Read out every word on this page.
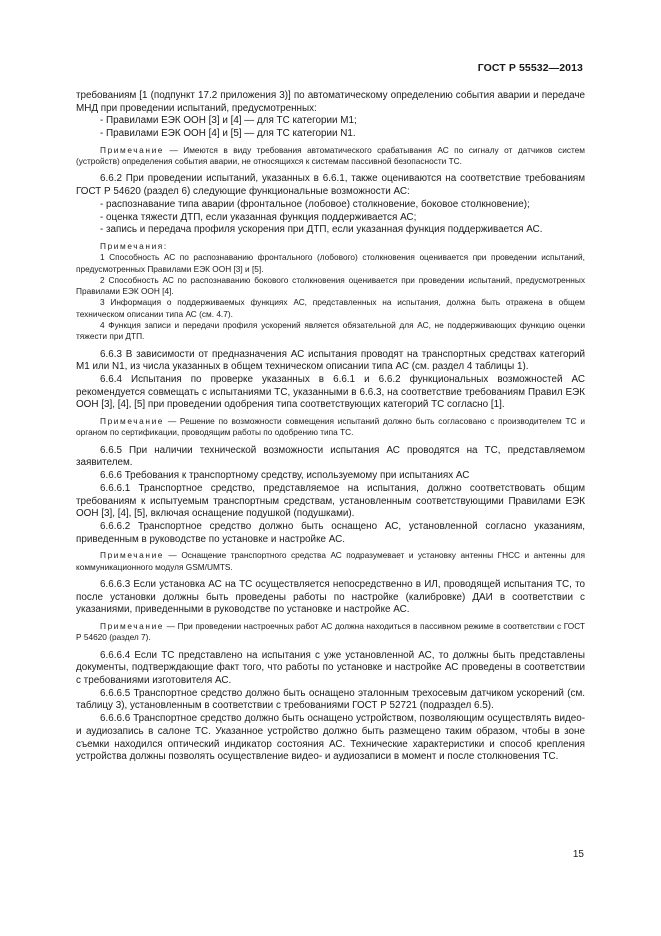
ГОСТ Р 55532—2013

требованиям [1 (подпункт 17.2 приложения 3)] по автоматическому определению события аварии и передаче МНД при проведении испытаний, предусмотренных:

- Правилами ЕЭК ООН [3] и [4] — для ТС категории М1;

- Правилами ЕЭК ООН [4] и [5] — для ТС категории N1.

Примечание — Имеются в виду требования автоматического срабатывания АС по сигналу от датчиков систем (устройств) определения события аварии, не относящихся к системам пассивной безопасности ТС.

6.6.2 При проведении испытаний, указанных в 6.6.1, также оцениваются на соответствие требованиям ГОСТ Р 54620 (раздел 6) следующие функциональные возможности АС:

- распознавание типа аварии (фронтальное (лобовое) столкновение, боковое столкновение);

- оценка тяжести ДТП, если указанная функция поддерживается АС;

- запись и передача профиля ускорения при ДТП, если указанная функция поддерживается АС.

Примечания:

1 Способность АС по распознаванию фронтального (лобового) столкновения оценивается при проведении испытаний, предусмотренных Правилами ЕЭК ООН [3] и [5].

2 Способность АС по распознаванию бокового столкновения оценивается при проведении испытаний, предусмотренных Правилами ЕЭК ООН [4].

3 Информация о поддерживаемых функциях АС, представленных на испытания, должна быть отражена в общем техническом описании типа АС (см. 4.7).

4 Функция записи и передачи профиля ускорений является обязательной для АС, не поддерживающих функцию оценки тяжести при ДТП.

6.6.3 В зависимости от предназначения АС испытания проводят на транспортных средствах категорий М1 или N1, из числа указанных в общем техническом описании типа АС (см. раздел 4 таблицы 1).

6.6.4 Испытания по проверке указанных в 6.6.1 и 6.6.2 функциональных возможностей АС рекомендуется совмещать с испытаниями ТС, указанными в 6.6.3, на соответствие требованиям Правил ЕЭК ООН [3], [4], [5] при проведении одобрения типа соответствующих категорий ТС согласно [1].

Примечание — Решение по возможности совмещения испытаний должно быть согласовано с производителем ТС и органом по сертификации, проводящим работы по одобрению типа ТС.

6.6.5 При наличии технической возможности испытания АС проводятся на ТС, представляемом заявителем.

6.6.6 Требования к транспортному средству, используемому при испытаниях АС

6.6.6.1 Транспортное средство, представляемое на испытания, должно соответствовать общим требованиям к испытуемым транспортным средствам, установленным соответствующими Правилами ЕЭК ООН [3], [4], [5], включая оснащение подушкой (подушками).

6.6.6.2 Транспортное средство должно быть оснащено АС, установленной согласно указаниям, приведенным в руководстве по установке и настройке АС.

Примечание — Оснащение транспортного средства АС подразумевает и установку антенны ГНСС и антенны для коммуникационного модуля GSM/UMTS.

6.6.6.3 Если установка АС на ТС осуществляется непосредственно в ИЛ, проводящей испытания ТС, то после установки должны быть проведены работы по настройке (калибровке) ДАИ в соответствии с указаниями, приведенными в руководстве по установке и настройке АС.

Примечание — При проведении настроечных работ АС должна находиться в пассивном режиме в соответствии с ГОСТ Р 54620 (раздел 7).

6.6.6.4 Если ТС представлено на испытания с уже установленной АС, то должны быть представлены документы, подтверждающие факт того, что работы по установке и настройке АС проведены в соответствии с требованиями изготовителя АС.

6.6.6.5 Транспортное средство должно быть оснащено эталонным трехосевым датчиком ускорений (см. таблицу 3), установленным в соответствии с требованиями ГОСТ Р 52721 (подраздел 6.5).

6.6.6.6 Транспортное средство должно быть оснащено устройством, позволяющим осуществлять видео- и аудиозапись в салоне ТС. Указанное устройство должно быть размещено таким образом, чтобы в зоне съемки находился оптический индикатор состояния АС. Технические характеристики и способ крепления устройства должны позволять осуществление видео- и аудиозаписи в момент и после столкновения ТС.

15
